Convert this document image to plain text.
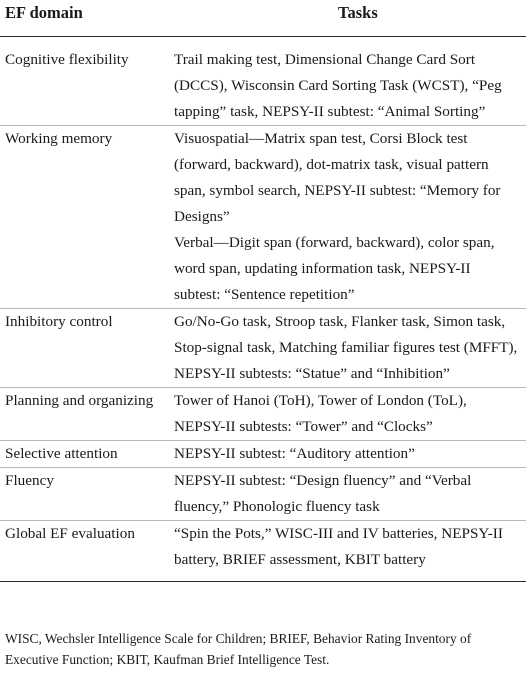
EF domain	Tasks
Cognitive flexibility	Trail making test, Dimensional Change Card Sort (DCCS), Wisconsin Card Sorting Task (WCST), “Peg tapping” task, NEPSY-II subtest: “Animal Sorting”

Working memory	Visuospatial—Matrix span test, Corsi Block test (forward, backward), dot-matrix task, visual pattern span, symbol search, NEPSY-II subtest: “Memory for Designs”
Verbal—Digit span (forward, backward), color span, word span, updating information task, NEPSY-II subtest: “Sentence repetition”

Inhibitory control	Go/No-Go task, Stroop task, Flanker task, Simon task, Stop-signal task, Matching familiar figures test (MFFT), NEPSY-II subtests: “Statue” and “Inhibition”

Planning and organizing	Tower of Hanoi (ToH), Tower of London (ToL), NEPSY-II subtests: “Tower” and “Clocks”

Selective attention	NEPSY-II subtest: “Auditory attention”

Fluency	NEPSY-II subtest: “Design fluency” and “Verbal fluency,” Phonologic fluency task

Global EF evaluation	“Spin the Pots,” WISC-III and IV batteries, NEPSY-II battery, BRIEF assessment, KBIT battery
WISC, Wechsler Intelligence Scale for Children; BRIEF, Behavior Rating Inventory of Executive Function; KBIT, Kaufman Brief Intelligence Test.
